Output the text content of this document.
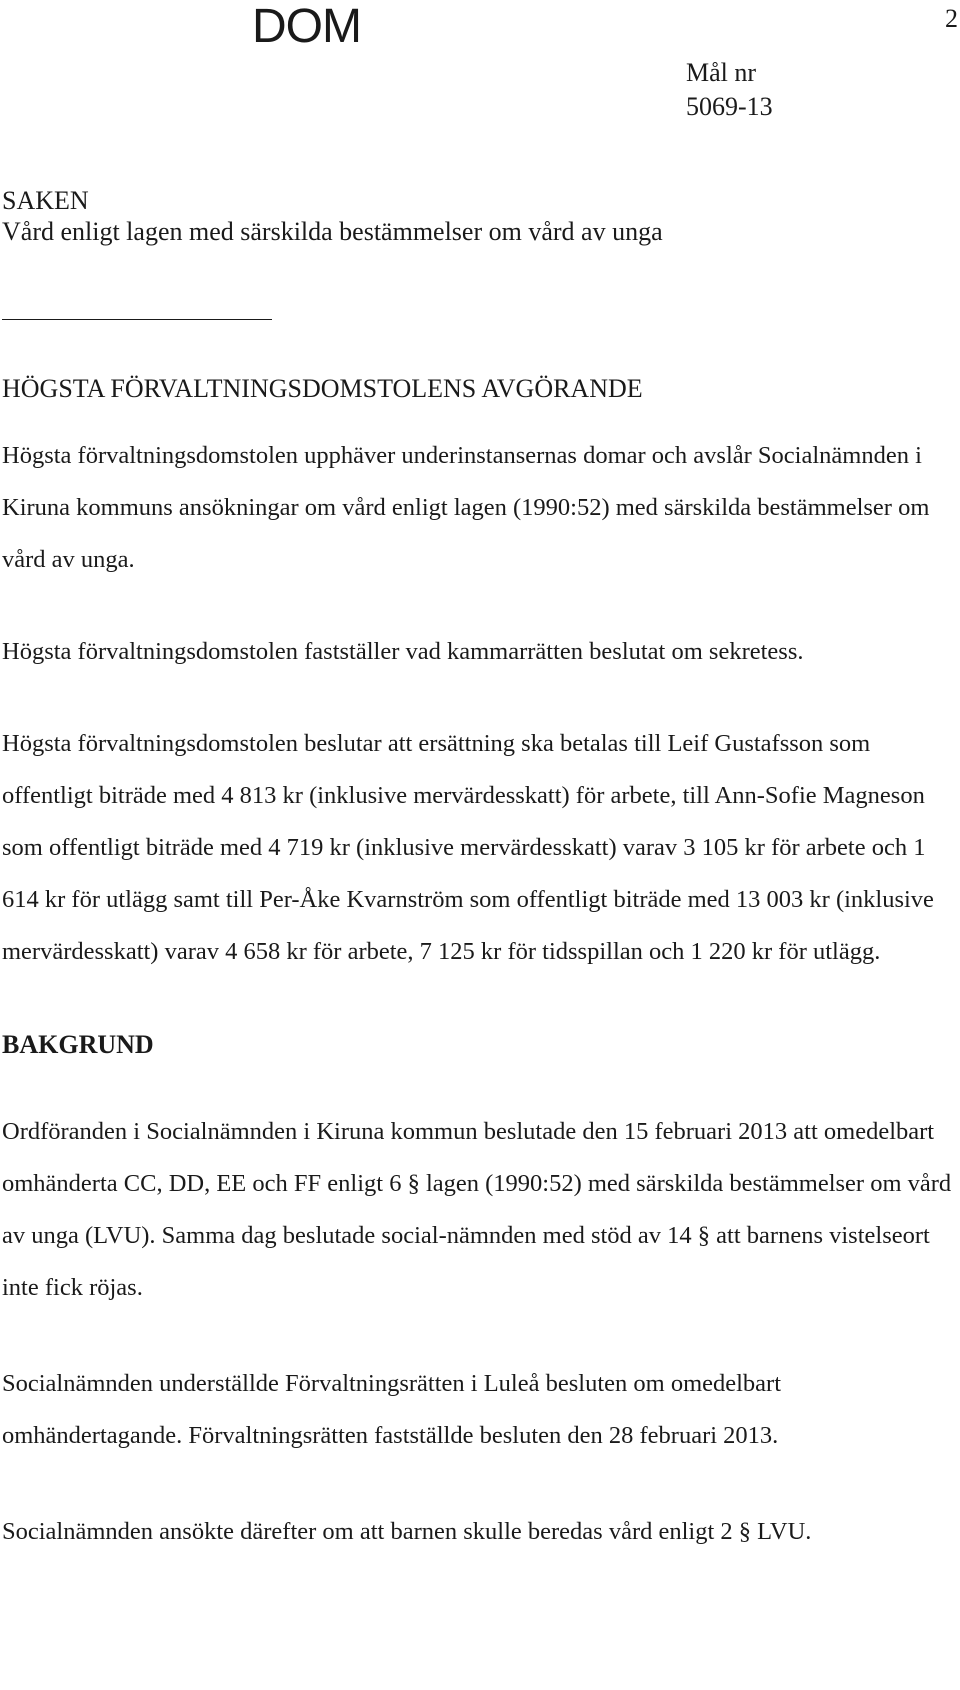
DOM	2
Mål nr
5069-13
SAKEN
Vård enligt lagen med särskilda bestämmelser om vård av unga
HÖGSTA FÖRVALTNINGSDOMSTOLENS AVGÖRANDE

Högsta förvaltningsdomstolen upphäver underinstansernas domar och avslår Socialnämnden i Kiruna kommuns ansökningar om vård enligt lagen (1990:52) med särskilda bestämmelser om vård av unga.

Högsta förvaltningsdomstolen fastställer vad kammarrätten beslutat om sekretess.

Högsta förvaltningsdomstolen beslutar att ersättning ska betalas till Leif Gustafsson som offentligt biträde med 4 813 kr (inklusive mervärdesskatt) för arbete, till Ann-Sofie Magneson som offentligt biträde med 4 719 kr (inklusive mervärdesskatt) varav 3 105 kr för arbete och 1 614 kr för utlägg samt till Per-Åke Kvarnström som offentligt biträde med 13 003 kr (inklusive mervärdesskatt) varav 4 658 kr för arbete, 7 125 kr för tidsspillan och 1 220 kr för utlägg.

BAKGRUND

Ordföranden i Socialnämnden i Kiruna kommun beslutade den 15 februari 2013 att omedelbart omhänderta CC, DD, EE och FF enligt 6 § lagen (1990:52) med särskilda bestämmelser om vård av unga (LVU). Samma dag beslutade social-nämnden med stöd av 14 § att barnens vistelseort inte fick röjas.

Socialnämnden underställde Förvaltningsrätten i Luleå besluten om omedelbart omhändertagande. Förvaltningsrätten fastställde besluten den 28 februari 2013.

Socialnämnden ansökte därefter om att barnen skulle beredas vård enligt 2 § LVU.
